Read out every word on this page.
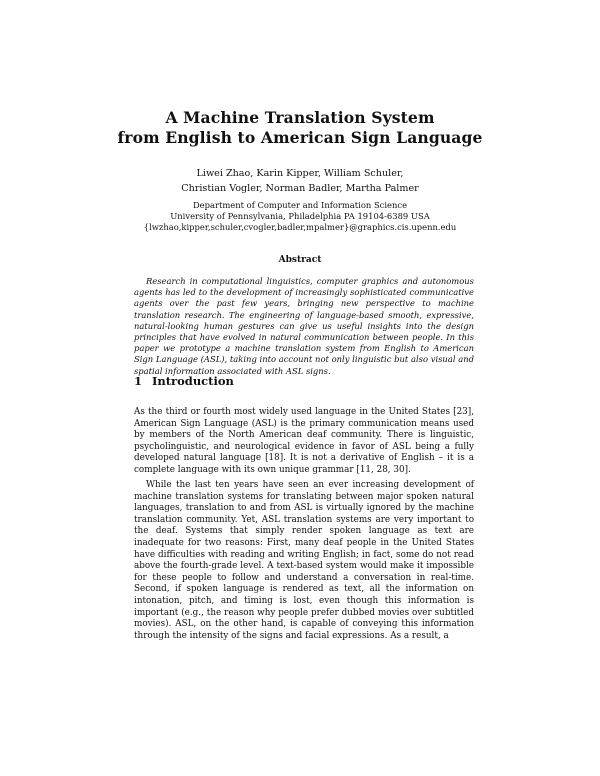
A Machine Translation System
from English to American Sign Language
Liwei Zhao, Karin Kipper, William Schuler,
Christian Vogler, Norman Badler, Martha Palmer
Department of Computer and Information Science
University of Pennsylvania, Philadelphia PA 19104-6389 USA
{lwzhao,kipper,schuler,cvogler,badler,mpalmer}@graphics.cis.upenn.edu
Abstract

Research in computational linguistics, computer graphics and autonomous agents has led to the development of increasingly sophisticated communicative agents over the past few years, bringing new perspective to machine translation research. The engineering of language-based smooth, expressive, natural-looking human gestures can give us useful insights into the design principles that have evolved in natural communication between people. In this paper we prototype a machine translation system from English to American Sign Language (ASL), taking into account not only linguistic but also visual and spatial information associated with ASL signs.

1 Introduction

As the third or fourth most widely used language in the United States [23], American Sign Language (ASL) is the primary communication means used by members of the North American deaf community. There is linguistic, psycholinguistic, and neurological evidence in favor of ASL being a fully developed natural language [18]. It is not a derivative of English – it is a complete language with its own unique grammar [11, 28, 30].

While the last ten years have seen an ever increasing development of machine translation systems for translating between major spoken natural languages, translation to and from ASL is virtually ignored by the machine translation community. Yet, ASL translation systems are very important to the deaf. Systems that simply render spoken language as text are inadequate for two reasons: First, many deaf people in the United States have difficulties with reading and writing English; in fact, some do not read above the fourth-grade level. A text-based system would make it impossible for these people to follow and understand a conversation in real-time. Second, if spoken language is rendered as text, all the information on intonation, pitch, and timing is lost, even though this information is important (e.g., the reason why people prefer dubbed movies over subtitled movies). ASL, on the other hand, is capable of conveying this information through the intensity of the signs and facial expressions. As a result, a
